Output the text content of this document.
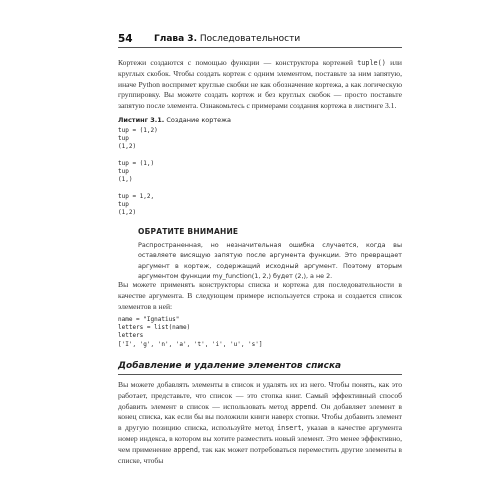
54 Глава 3. Последовательности

Кортежи создаются с помощью функции — конструктора кортежей tuple() или круглых скобок. Чтобы создать кортеж с одним элементом, поставьте за ним запятую, иначе Python воспримет круглые скобки не как обозначение кортежа, а как логическую группировку. Вы можете создать кортеж и без круглых скобок — просто поставьте запятую после элемента. Ознакомьтесь с примерами создания кортежа в листинге 3.1.

Листинг 3.1. Создание кортежа
tup = (1,2)
tup
(1,2)

tup = (1,)
tup
(1,)

tup = 1,2,
tup
(1,2)
ОБРАТИТЕ ВНИМАНИЕ
Распространенная, но незначительная ошибка случается, когда вы оставляете висящую запятую после аргумента функции. Это превращает аргумент в кортеж, содержащий исходный аргумент. Поэтому вторым аргументом функции my_function(1, 2,) будет (2,), а не 2.

Вы можете применять конструкторы списка и кортежа для последовательности в качестве аргумента. В следующем примере используется строка и создается список элементов в ней:

name = "Ignatius"
letters = list(name)
letters
['I', 'g', 'n', 'a', 't', 'i', 'u', 's']
Добавление и удаление элементов списка

Вы можете добавлять элементы в список и удалять их из него. Чтобы понять, как это работает, представьте, что список — это стопка книг. Самый эффективный способ добавить элемент в список — использовать метод append. Он добавляет элемент в конец списка, как если бы вы положили книги наверх стопки. Чтобы добавить элемент в другую позицию списка, используйте метод insert, указав в качестве аргумента номер индекса, в котором вы хотите разместить новый элемент. Это менее эффективно, чем применение append, так как может потребоваться переместить другие элементы в списке, чтобы
